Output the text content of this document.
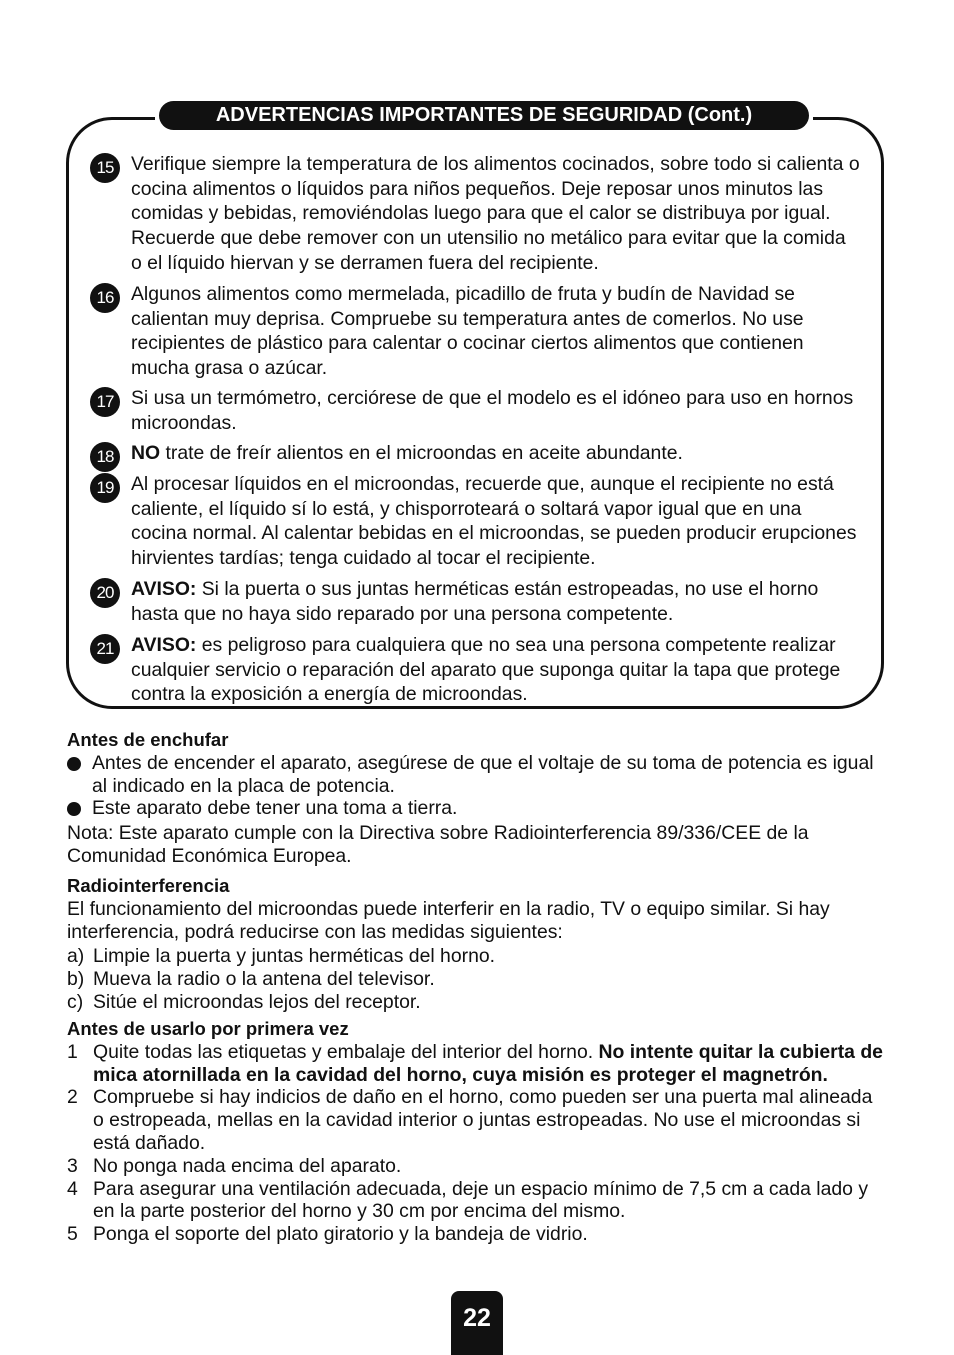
ADVERTENCIAS IMPORTANTES DE SEGURIDAD (Cont.)
15 Verifique siempre la temperatura de los alimentos cocinados, sobre todo si calienta o cocina alimentos o líquidos para niños pequeños. Deje reposar unos minutos las comidas y bebidas, removiéndolas luego para que el calor se distribuya por igual. Recuerde que debe remover con un utensilio no metálico para evitar que la comida o el líquido hiervan y se derramen fuera del recipiente.
16 Algunos alimentos como mermelada, picadillo de fruta y budín de Navidad se calientan muy deprisa. Compruebe su temperatura antes de comerlos. No use recipientes de plástico para calentar o cocinar ciertos alimentos que contienen mucha grasa o azúcar.
17 Si usa un termómetro, cerciórese de que el modelo es el idóneo para uso en hornos microondas.
18 NO trate de freír alientos en el microondas en aceite abundante.
19 Al procesar líquidos en el microondas, recuerde que, aunque el recipiente no está caliente, el líquido sí lo está, y chisporroteará o soltará vapor igual que en una cocina normal. Al calentar bebidas en el microondas, se pueden producir erupciones hirvientes tardías; tenga cuidado al tocar el recipiente.
20 AVISO: Si la puerta o sus juntas herméticas están estropeadas, no use el horno hasta que no haya sido reparado por una persona competente.
21 AVISO: es peligroso para cualquiera que no sea una persona competente realizar cualquier servicio o reparación del aparato que suponga quitar la tapa que protege contra la exposición a energía de microondas.
Antes de enchufar
Antes de encender el aparato, asegúrese de que el voltaje de su toma de potencia es igual al indicado en la placa de potencia.
Este aparato debe tener una toma a tierra.
Nota: Este aparato cumple con la Directiva sobre Radiointerferencia 89/336/CEE de la Comunidad Económica Europea.
Radiointerferencia
El funcionamiento del microondas puede interferir en la radio, TV o equipo similar. Si hay interferencia, podrá reducirse con las medidas siguientes:
a) Limpie la puerta y juntas herméticas del horno.
b) Mueva la radio o la antena del televisor.
c) Sitúe el microondas lejos del receptor.
Antes de usarlo por primera vez
1 Quite todas las etiquetas y embalaje del interior del horno. No intente quitar la cubierta de mica atornillada en la cavidad del horno, cuya misión es proteger el magnetrón.
2 Compruebe si hay indicios de daño en el horno, como pueden ser una puerta mal alineada o estropeada, mellas en la cavidad interior o juntas estropeadas. No use el microondas si está dañado.
3 No ponga nada encima del aparato.
4 Para asegurar una ventilación adecuada, deje un espacio mínimo de 7,5 cm a cada lado y en la parte posterior del horno y 30 cm por encima del mismo.
5 Ponga el soporte del plato giratorio y la bandeja de vidrio.
22
